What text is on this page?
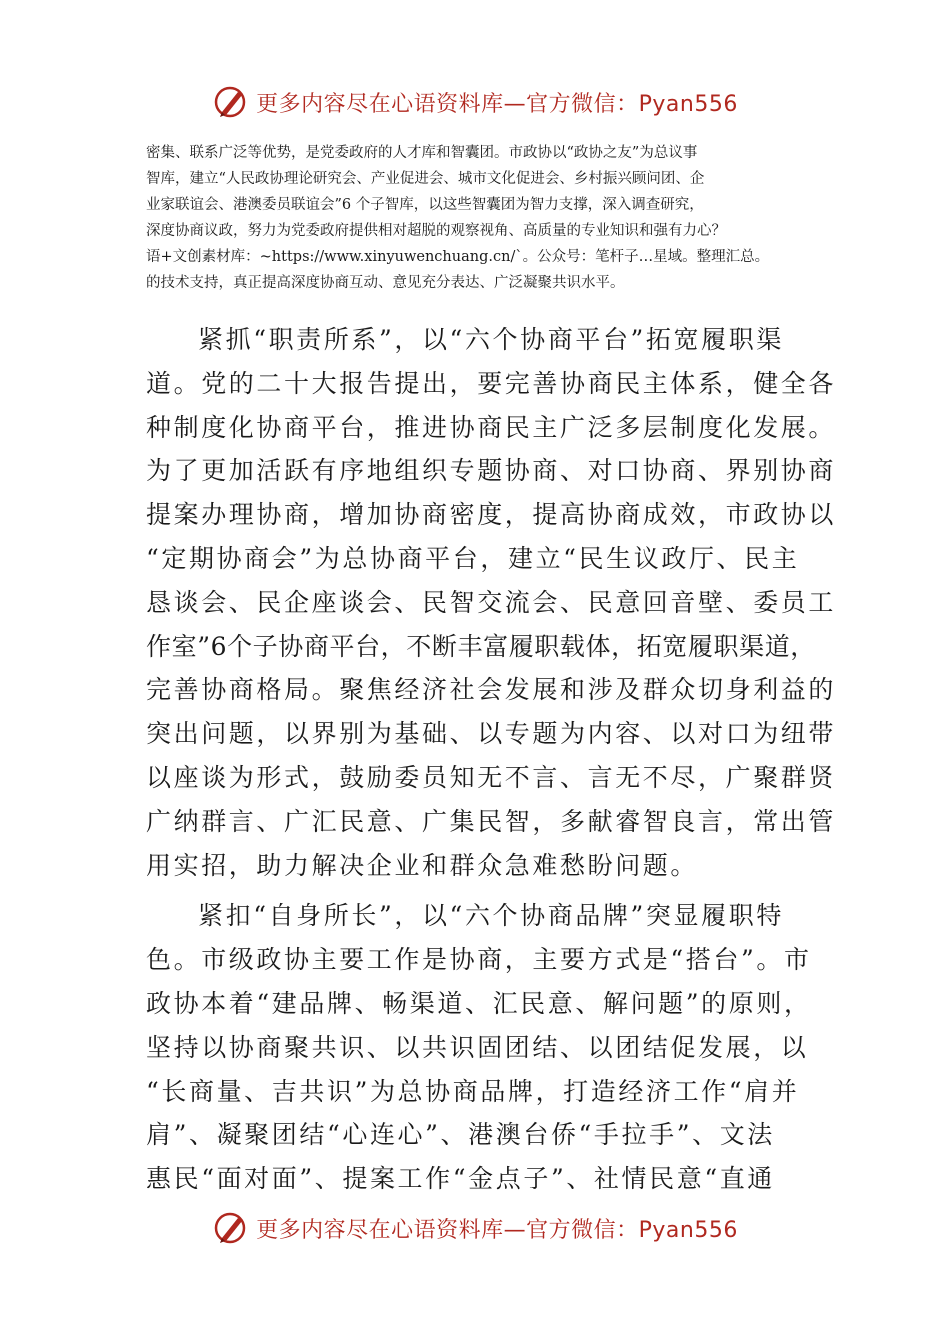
更多内容尽在心语资料库—官方微信：Pyan556
密集、联系广泛等优势，是党委政府的人才库和智囊团。市政协以“政协之友”为总议事
智库，建立“人民政协理论研究会、产业促进会、城市文化促进会、乡村振兴顾问团、企
业家联谊会、港澳委员联谊会”6 个子智库，以这些智囊团为智力支撑，深入调查研究，
深度协商议政，努力为党委政府提供相对超脱的观察视角、高质量的专业知识和强有力心？
语+文创素材库：~https://www.xinyuwenchuang.cn/`。公众号：笔杆子…星域。整理汇总。
的技术支持，真正提高深度协商互动、意见充分表达、广泛凝聚共识水平。
紧抓“职责所系”，以“六个协商平台”拓宽履职渠
道。党的二十大报告提出，要完善协商民主体系，健全各
种制度化协商平台，推进协商民主广泛多层制度化发展。
为了更加活跃有序地组织专题协商、对口协商、界别协商
提案办理协商，增加协商密度，提高协商成效，市政协以
“定期协商会”为总协商平台，建立“民生议政厅、民主
恳谈会、民企座谈会、民智交流会、民意回音壁、委员工
作室”6个子协商平台，不断丰富履职载体，拓宽履职渠道，
完善协商格局。聚焦经济社会发展和涉及群众切身利益的
突出问题，以界别为基础、以专题为内容、以对口为纽带
以座谈为形式，鼓励委员知无不言、言无不尽，广聚群贤
广纳群言、广汇民意、广集民智，多献睿智良言，常出管
用实招，助力解决企业和群众急难愁盼问题。
紧扣“自身所长”，以“六个协商品牌”突显履职特
色。市级政协主要工作是协商，主要方式是“搭台”。市
政协本着“建品牌、畅渠道、汇民意、解问题”的原则，
坚持以协商聚共识、以共识固团结、以团结促发展，以
“长商量、吉共识”为总协商品牌，打造经济工作“肩并
肩”、凝聚团结“心连心”、港澳台侨“手拉手”、文法
惠民“面对面”、提案工作“金点子”、社情民意“直通
更多内容尽在心语资料库—官方微信：Pyan556
